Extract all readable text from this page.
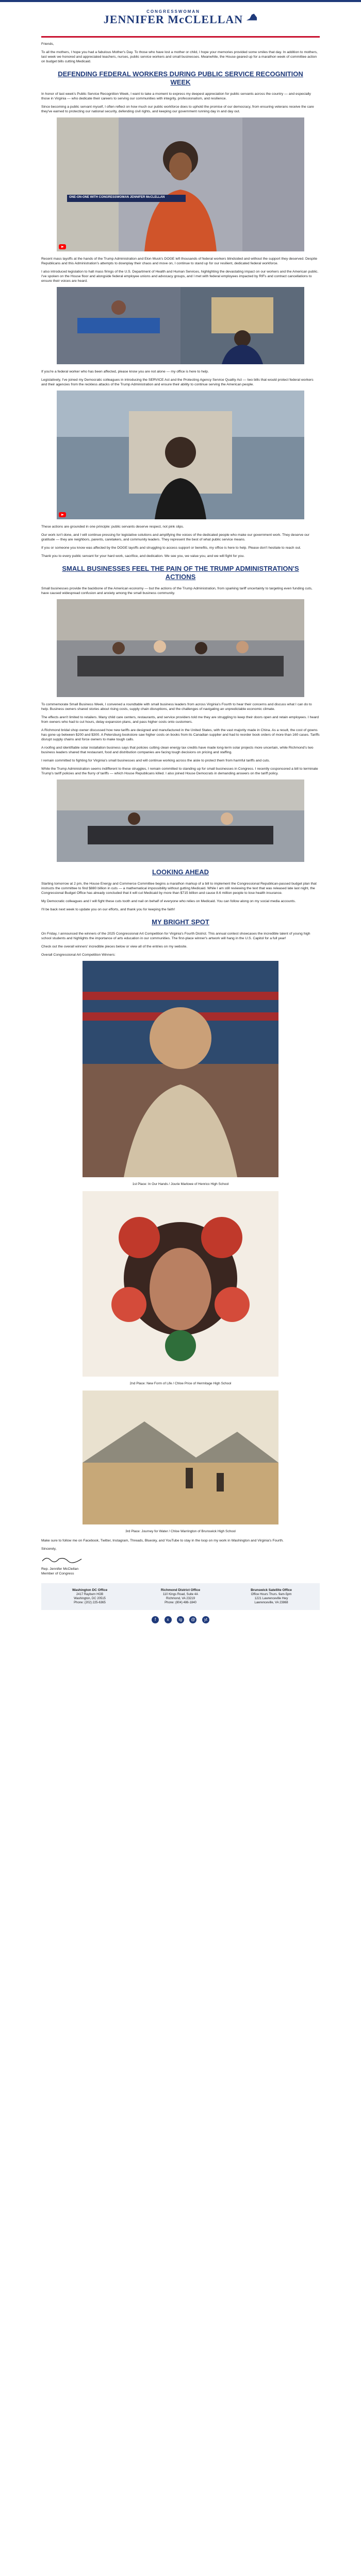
CONGRESSWOMAN
JENNIFER McCLELLAN

Friends,

To all the mothers, I hope you had a fabulous Mother's Day. To those who have lost a mother or child, I hope your memories provided some smiles that day. In addition to mothers, last week we honored and appreciated teachers, nurses, public service workers and small businesses. Meanwhile, the House geared up for a marathon week of committee action on budget bills cutting Medicaid.

DEFENDING FEDERAL WORKERS DURING PUBLIC SERVICE RECOGNITION WEEK

In honor of last week's Public Service Recognition Week, I want to take a moment to express my deepest appreciation for public servants across the country — and especially those in Virginia — who dedicate their careers to serving our communities with integrity, professionalism, and resilience.

Since becoming a public servant myself, I often reflect on how much our public workforce does to uphold the promise of our democracy, from ensuring veterans receive the care they've earned to protecting our national security, defending civil rights, and keeping our government running day in and day out.

ONE-ON-ONE WITH CONGRESSWOMAN JENNIFER McCLELLAN

Recent mass layoffs at the hands of the Trump Administration and Elon Musk's DOGE left thousands of federal workers blindsided and without the support they deserved. Despite Republicans and this Administration's attempts to downplay their chaos and move on, I continue to stand up for our resilient, dedicated federal workforce.

I also introduced legislation to halt mass firings of the U.S. Department of Health and Human Services, highlighting the devastating impact on our workers and the American public. I've spoken on the House floor and alongside federal employee unions and advocacy groups, and I met with federal employees impacted by RIFs and contract cancellations to ensure their voices are heard.

If you're a federal worker who has been affected, please know you are not alone — my office is here to help.

Legislatively, I've joined my Democratic colleagues in introducing the SERVICE Act and the Protecting Agency Service Quality Act — two bills that would protect federal workers and their agencies from the reckless attacks of the Trump Administration and ensure their ability to continue serving the American people.

These actions are grounded in one principle: public servants deserve respect, not pink slips.

Our work isn't done, and I will continue pressing for legislative solutions and amplifying the voices of the dedicated people who make our government work. They deserve our gratitude — they are neighbors, parents, caretakers, and community leaders. They represent the best of what public service means.

If you or someone you know was affected by the DOGE layoffs and struggling to access support or benefits, my office is here to help. Please don't hesitate to reach out.

Thank you to every public servant for your hard work, sacrifice, and dedication. We see you, we value you, and we will fight for you.

SMALL BUSINESSES FEEL THE PAIN OF THE TRUMP ADMINISTRATION'S ACTIONS

Small businesses provide the backbone of the American economy — but the actions of the Trump Administration, from sparking tariff uncertainty to targeting even funding cuts, have caused widespread confusion and anxiety among the small business community.

To commemorate Small Business Week, I convened a roundtable with small business leaders from across Virginia's Fourth to hear their concerns and discuss what I can do to help. Business owners shared stories about rising costs, supply chain disruptions, and the challenges of navigating an unpredictable economic climate.

The effects aren't limited to retailers. Many child care centers, restaurants, and service providers told me they are struggling to keep their doors open and retain employees. I heard from owners who had to cut hours, delay expansion plans, and pass higher costs onto customers.

A Richmond bridal shop owner discussed how new tariffs are designed and manufactured in the United States, with the vast majority made in China. As a result, the cost of gowns has gone up between $200 and $300. A Petersburg bookstore saw higher costs on books from its Canadian supplier and had to reorder book orders of more than 160 cases. Tariffs disrupt supply chains and force owners to make tough calls.

A roofing and identifiable solar installation business says that policies cutting clean energy tax credits have made long-term solar projects more uncertain, while Richmond's two business leaders shared that restaurant, food and distribution companies are facing tough decisions on pricing and staffing.

I remain committed to fighting for Virginia's small businesses and will continue working across the aisle to protect them from harmful tariffs and cuts.

While the Trump Administration seems indifferent to these struggles, I remain committed to standing up for small businesses in Congress. I recently cosponsored a bill to terminate Trump's tariff policies and the flurry of tariffs — which House Republicans killed. I also joined House Democrats in demanding answers on the tariff policy.

LOOKING AHEAD

Starting tomorrow at 2 pm, the House Energy and Commerce Committee begins a marathon markup of a bill to implement the Congressional Republican-passed budget plan that instructs the committee to find $880 billion in cuts — a mathematical impossibility without gutting Medicaid. While I am still reviewing the text that was released late last night, the Congressional Budget Office has already concluded that it will cut Medicaid by more than $715 billion and cause 8.6 million people to lose health insurance.

My Democratic colleagues and I will fight these cuts tooth and nail on behalf of everyone who relies on Medicaid. You can follow along on my social media accounts.

I'll be back next week to update you on our efforts, and thank you for keeping the faith!

MY BRIGHT SPOT

On Friday, I announced the winners of the 2025 Congressional Art Competition for Virginia's Fourth District. This annual contest showcases the incredible talent of young high school students and highlights the importance of arts education in our communities. The first-place winner's artwork will hang in the U.S. Capitol for a full year!

Check out the overall winners' incredible pieces below or view all of the entries on my website.

Overall Congressional Art Competition Winners:

1st Place: In Our Hands / Jourie Marlowe of Henrico High School
2nd Place: New Form of Life / Chloe Price of Hermitage High School
3rd Place: Journey for Water / Chloe Warrington of Brunswick High School

Make sure to follow me on Facebook, Twitter, Instagram, Threads, Bluesky, and YouTube to stay in the loop on my work in Washington and Virginia's Fourth.

Sincerely,

Rep. Jennifer McClellan

Member of Congress

Washington DC Office
2417 Rayburn HOB
Washington, DC 20515
Phone: (202) 225-6365
Richmond District Office
110 Kings Road, Suite 4A
Richmond, VA 23219
Phone: (804) 486-1840
Brunswick Satellite Office
Office Hours Thurs. 9am-5pm
1221 Lawrenceville Hwy
Lawrenceville, VA 23868
f	x ig @ yt
